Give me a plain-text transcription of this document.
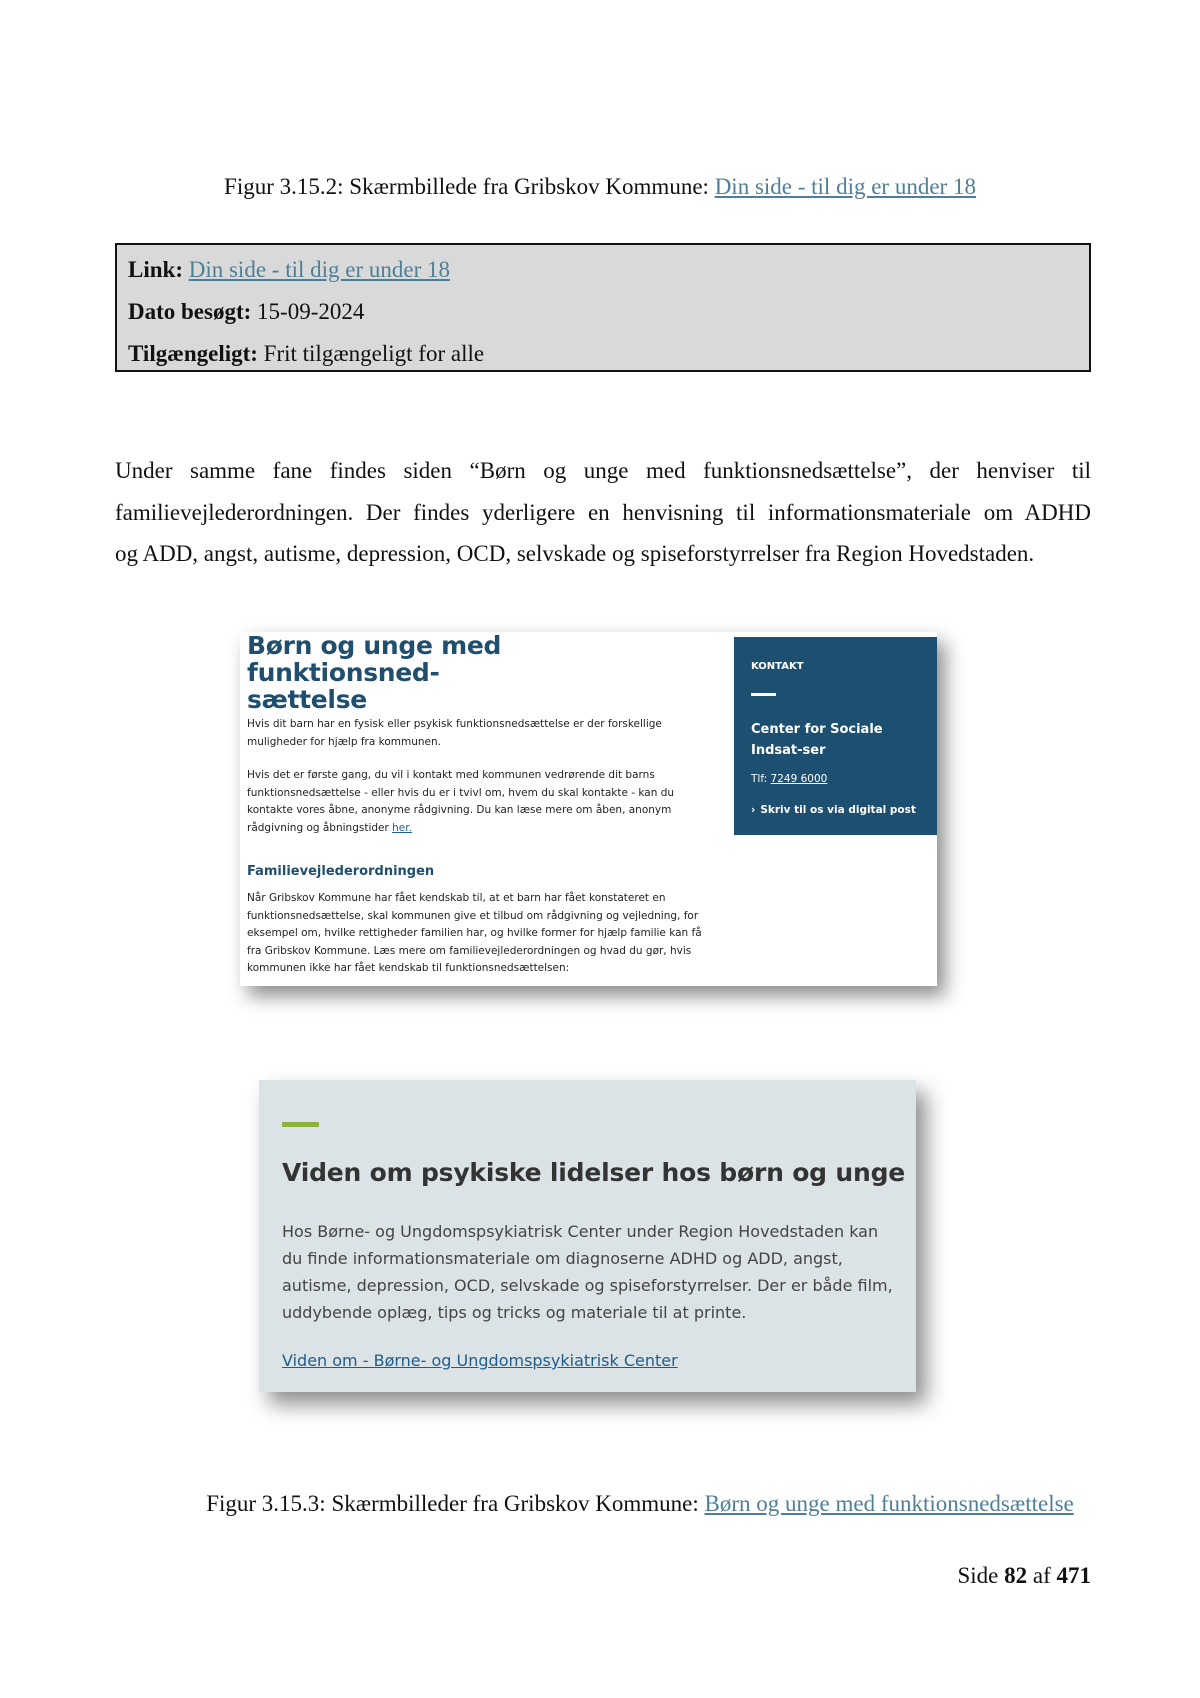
Figur 3.15.2: Skærmbillede fra Gribskov Kommune: Din side - til dig er under 18
Link: Din side - til dig er under 18
Dato besøgt: 15-09-2024
Tilgængeligt: Frit tilgængeligt for alle
Under samme fane findes siden “Børn og unge med funktionsnedsættelse”, der henviser til
familievejlederordningen. Der findes yderligere en henvisning til informationsmateriale om ADHD
og ADD, angst, autisme, depression, OCD, selvskade og spiseforstyrrelser fra Region Hovedstaden.
Børn og unge med funktionsned-
sættelse
Hvis dit barn har en fysisk eller psykisk funktionsnedsættelse er der forskellige muligheder for hjælp fra kommunen.
Hvis det er første gang, du vil i kontakt med kommunen vedrørende dit barns funktionsnedsættelse - eller hvis du er i tvivl om, hvem du skal kontakte - kan du kontakte vores åbne, anonyme rådgivning. Du kan læse mere om åben, anonym rådgivning og åbningstider her.
Familievejlederordningen
Når Gribskov Kommune har fået kendskab til, at et barn har fået konstateret en funktionsnedsættelse, skal kommunen give et tilbud om rådgivning og vejledning, for eksempel om, hvilke rettigheder familien har, og hvilke former for hjælp familie kan få fra Gribskov Kommune. Læs mere om familievejlederordningen og hvad du gør, hvis kommunen ikke har fået kendskab til funktionsnedsættelsen:
KONTAKT
Center for Sociale Indsat-ser
Tlf: 7249 6000
› Skriv til os via digital post
Viden om psykiske lidelser hos børn og unge
Hos Børne- og Ungdomspsykiatrisk Center under Region Hovedstaden kan du finde informationsmateriale om diagnoserne ADHD og ADD, angst, autisme, depression, OCD, selvskade og spiseforstyrrelser. Der er både film, uddybende oplæg, tips og tricks og materiale til at printe.
Viden om - Børne- og Ungdomspsykiatrisk Center
Figur 3.15.3: Skærmbilleder fra Gribskov Kommune: Børn og unge med funktionsnedsættelse
Side 82 af 471
